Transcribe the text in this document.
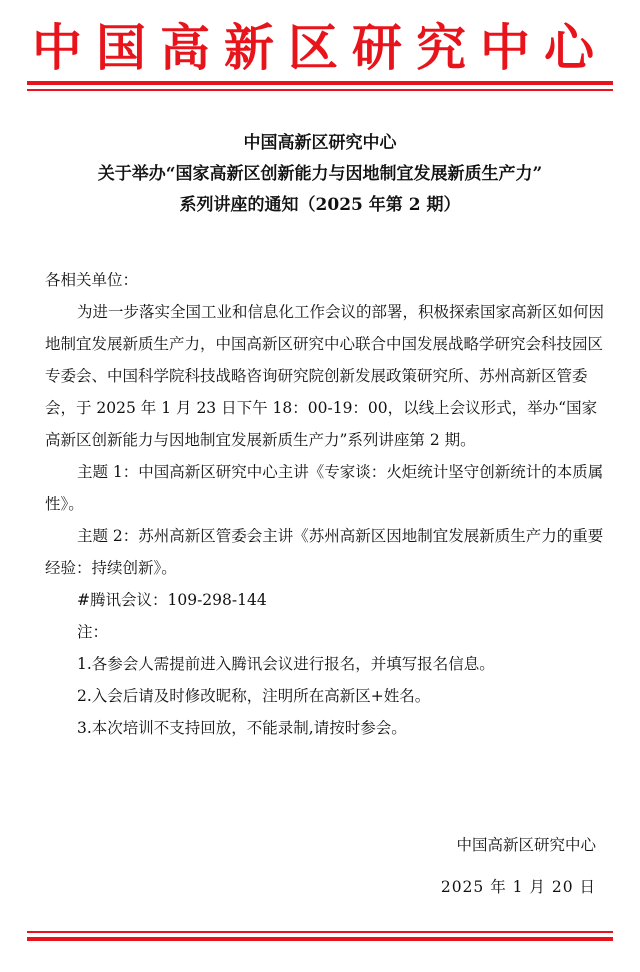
中国高新区研究中心
中国高新区研究中心
关于举办“国家高新区创新能力与因地制宜发展新质生产力”
系列讲座的通知（2025 年第 2 期）

各相关单位：

为进一步落实全国工业和信息化工作会议的部署，积极探索国家高新区如何因地制宜发展新质生产力，中国高新区研究中心联合中国发展战略学研究会科技园区专委会、中国科学院科技战略咨询研究院创新发展政策研究所、苏州高新区管委会，于 2025 年 1 月 23 日下午 18：00-19：00，以线上会议形式，举办“国家高新区创新能力与因地制宜发展新质生产力”系列讲座第 2 期。

主题 1：中国高新区研究中心主讲《专家谈：火炬统计坚守创新统计的本质属性》。

主题 2：苏州高新区管委会主讲《苏州高新区因地制宜发展新质生产力的重要经验：持续创新》。

#腾讯会议：109-298-144

注：

1.各参会人需提前进入腾讯会议进行报名，并填写报名信息。

2.入会后请及时修改昵称，注明所在高新区+姓名。

3.本次培训不支持回放，不能录制,请按时参会。

中国高新区研究中心
2025 年 1 月 20 日
